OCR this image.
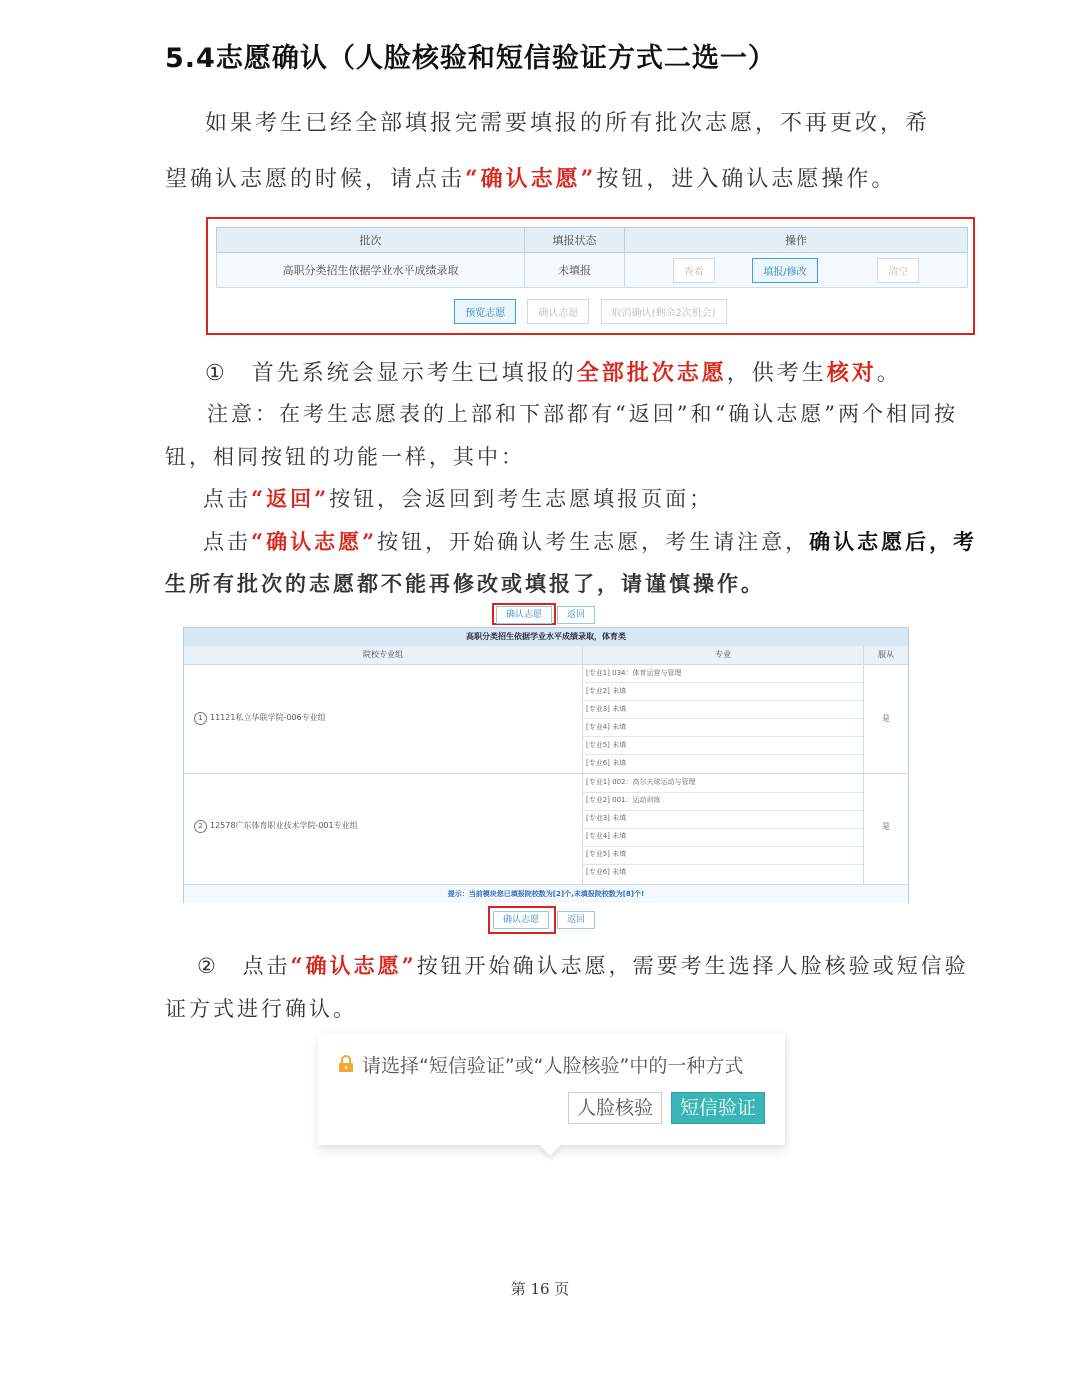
5.4志愿确认（人脸核验和短信验证方式二选一）
如果考生已经全部填报完需要填报的所有批次志愿，不再更改，希
望确认志愿的时候，请点击“确认志愿”按钮，进入确认志愿操作。
批次	填报状态	操作
高职分类招生依据学业水平成绩录取	未填报	查看 填报/修改 清空
预览志愿	确认志愿	取消确认(剩余2次机会)
① 首先系统会显示考生已填报的全部批次志愿，供考生核对。
注意：在考生志愿表的上部和下部都有“返回”和“确认志愿”两个相同按
钮，相同按钮的功能一样，其中：
点击“返回”按钮，会返回到考生志愿填报页面；
点击“确认志愿”按钮，开始确认考生志愿，考生请注意，确认志愿后，考
生所有批次的志愿都不能再修改或填报了，请谨慎操作。
确认志愿	返回
高职分类招生依据学业水平成绩录取，体育类
院校专业组	专业	服从
1 11121私立华联学院-006专业组
[专业1] 034：体育运营与管理
[专业2] 未填
[专业3] 未填
[专业4] 未填
[专业5] 未填
[专业6] 未填
是
2 12578广东体育职业技术学院-001专业组
[专业1] 002：高尔夫球运动与管理
[专业2] 001：运动训练
[专业3] 未填
[专业4] 未填
[专业5] 未填
[专业6] 未填
是
提示：当前模块您已填报院校数为[2]个,未填报院校数为[8]个!
确认志愿	返回
② 点击“确认志愿”按钮开始确认志愿，需要考生选择人脸核验或短信验
证方式进行确认。
请选择“短信验证”或“人脸核验”中的一种方式
人脸核验	短信验证
第 16 页
